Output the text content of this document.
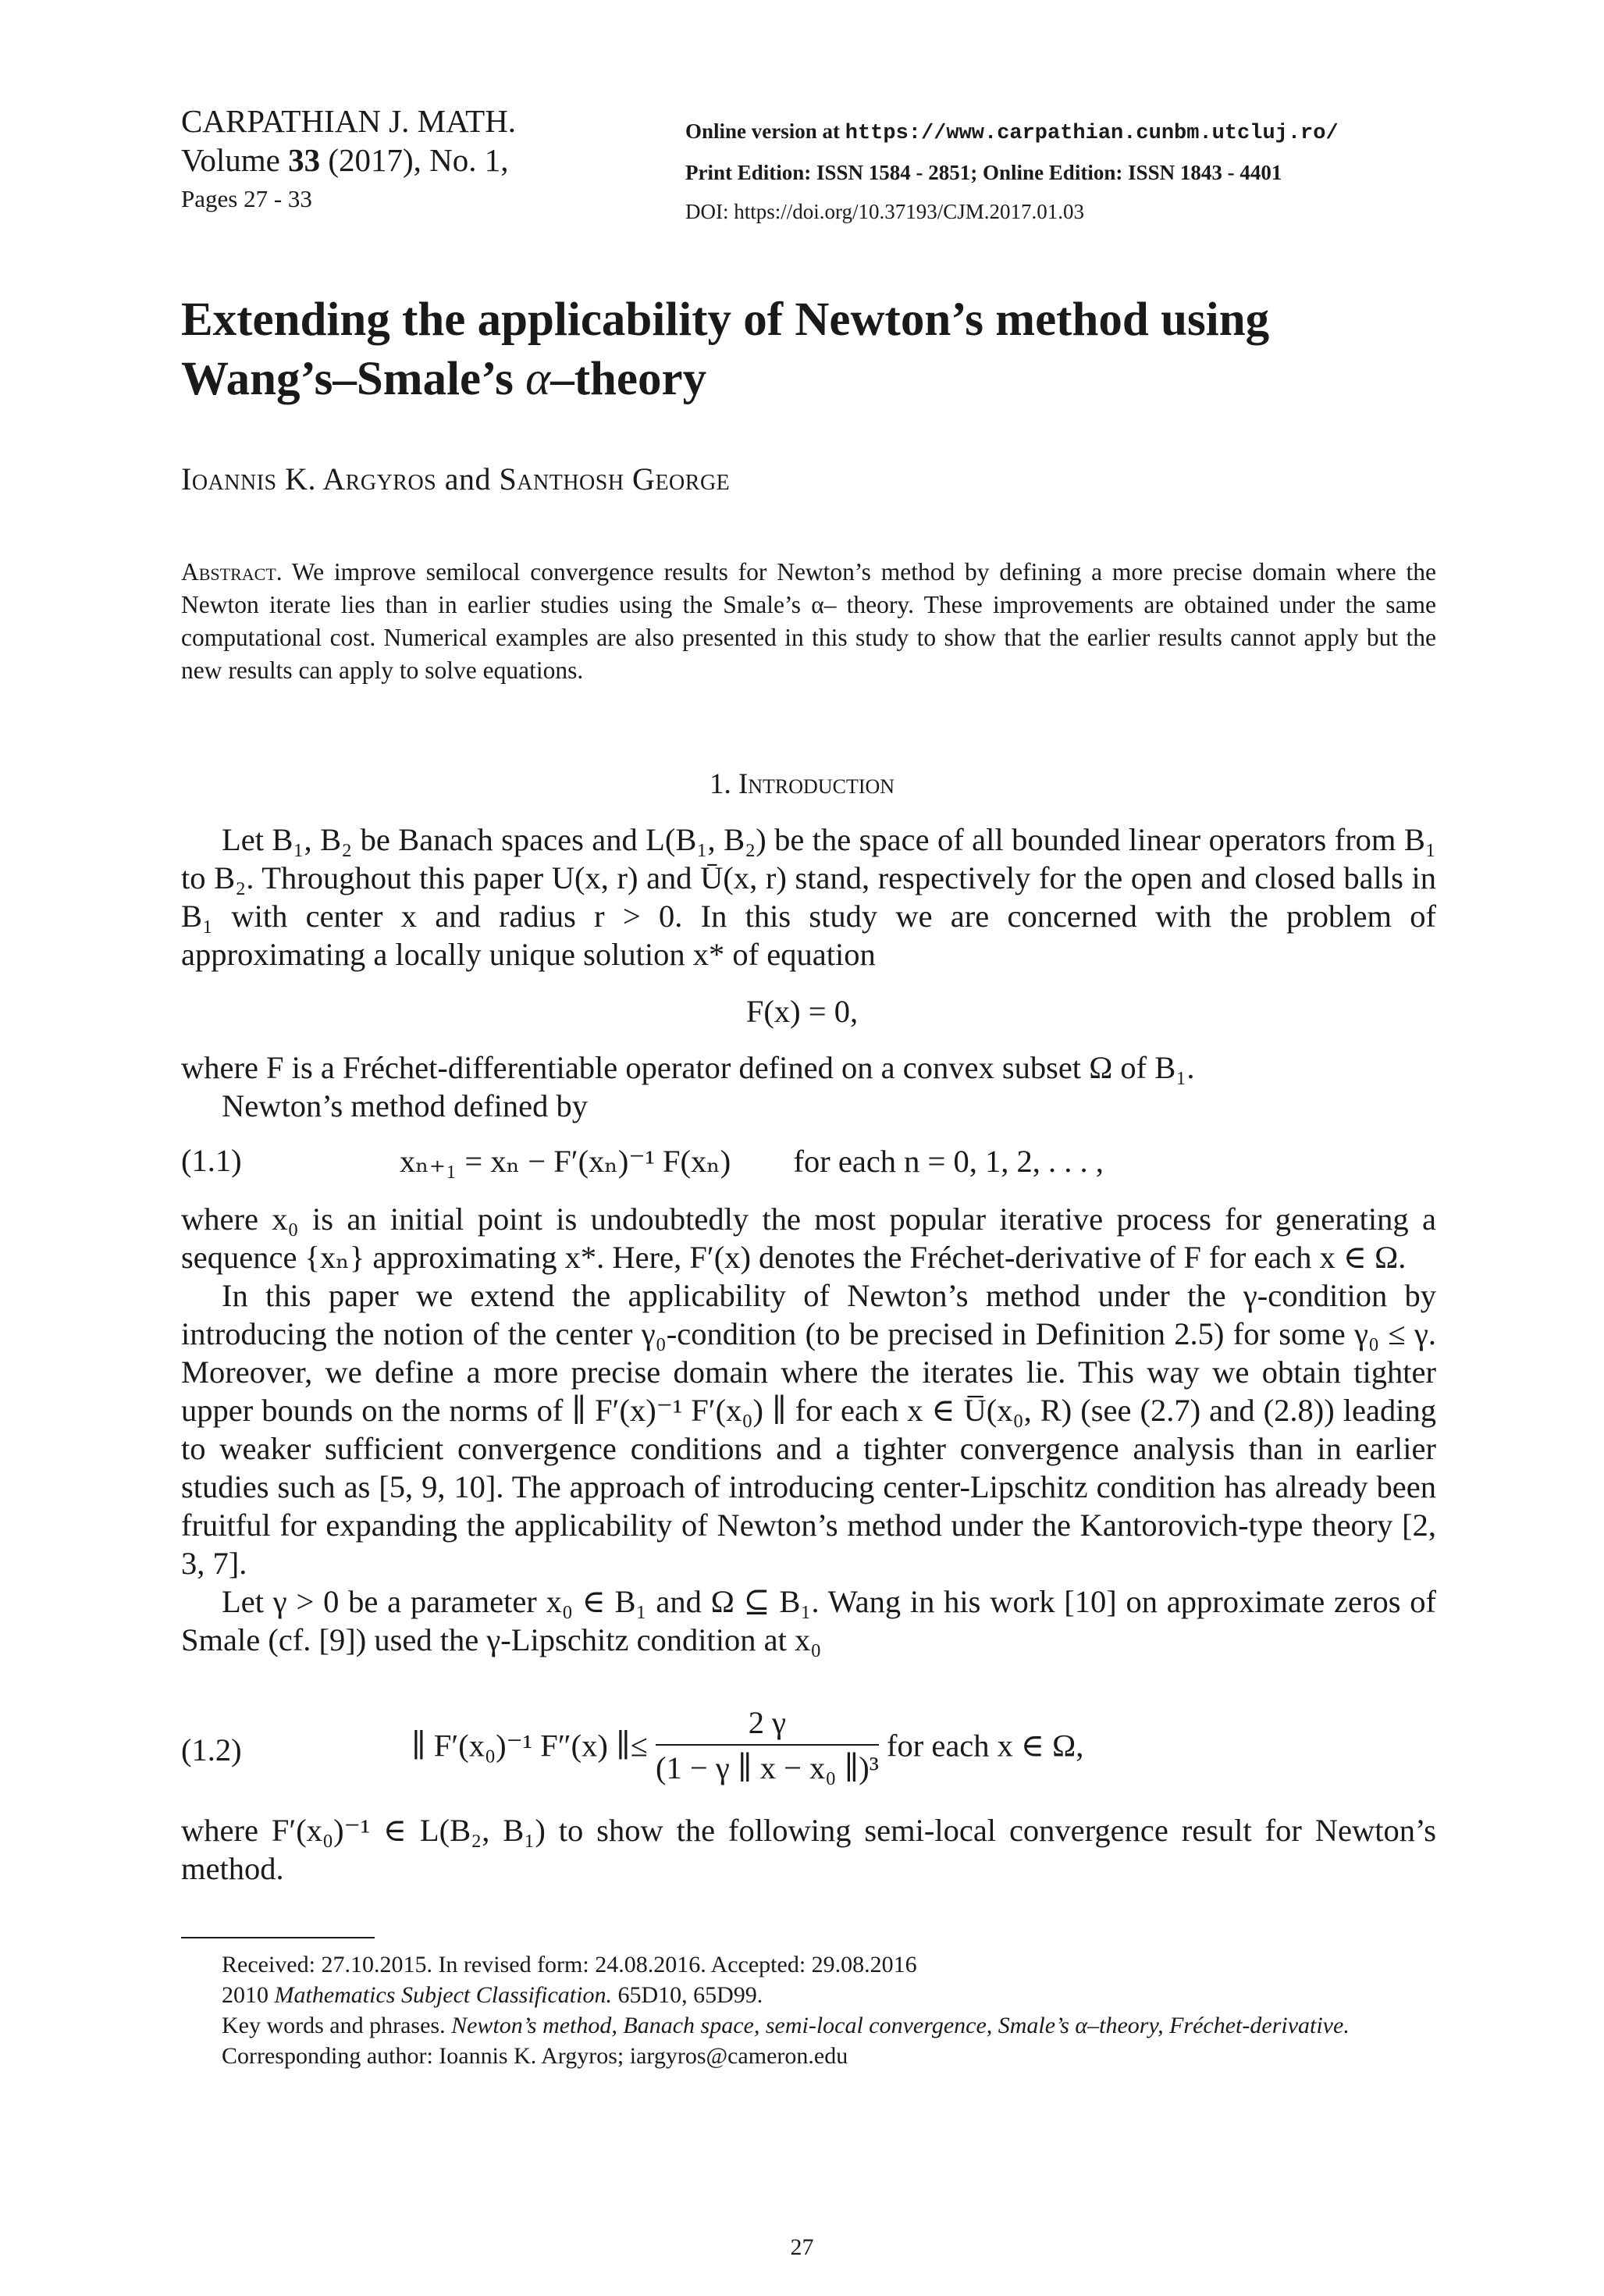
CARPATHIAN J. MATH.
Volume 33 (2017), No. 1,
Pages 27 - 33
Online version at https://www.carpathian.cunbm.utcluj.ro/
Print Edition: ISSN 1584 - 2851; Online Edition: ISSN 1843 - 4401
DOI: https://doi.org/10.37193/CJM.2017.01.03
Extending the applicability of Newton’s method using
Wang’s–Smale’s α–theory
Ioannis K. Argyros and Santhosh George
Abstract. We improve semilocal convergence results for Newton’s method by defining a more precise domain where the Newton iterate lies than in earlier studies using the Smale’s α– theory. These improvements are obtained under the same computational cost. Numerical examples are also presented in this study to show that the earlier results cannot apply but the new results can apply to solve equations.
1. Introduction

Let B₁, B₂ be Banach spaces and L(B₁, B₂) be the space of all bounded linear operators from B₁ to B₂. Throughout this paper U(x, r) and Ū(x, r) stand, respectively for the open and closed balls in B₁ with center x and radius r > 0. In this study we are concerned with the problem of approximating a locally unique solution x* of equation

F(x) = 0,

where F is a Fréchet-differentiable operator defined on a convex subset Ω of B₁.

Newton’s method defined by

(1.1)	xₙ₊₁ = xₙ − F′(xₙ)⁻¹ F(xₙ) for each n = 0, 1, 2, . . . ,

where x₀ is an initial point is undoubtedly the most popular iterative process for generating a sequence {xₙ} approximating x*. Here, F′(x) denotes the Fréchet-derivative of F for each x ∈ Ω.

In this paper we extend the applicability of Newton’s method under the γ-condition by introducing the notion of the center γ₀-condition (to be precised in Definition 2.5) for some γ₀ ≤ γ. Moreover, we define a more precise domain where the iterates lie. This way we obtain tighter upper bounds on the norms of ∥ F′(x)⁻¹ F′(x₀) ∥ for each x ∈ U̅(x₀, R) (see (2.7) and (2.8)) leading to weaker sufficient convergence conditions and a tighter convergence analysis than in earlier studies such as [5, 9, 10]. The approach of introducing center-Lipschitz condition has already been fruitful for expanding the applicability of Newton’s method under the Kantorovich-type theory [2, 3, 7].

Let γ > 0 be a parameter x₀ ∈ B₁ and Ω ⊆ B₁. Wang in his work [10] on approximate zeros of Smale (cf. [9]) used the γ-Lipschitz condition at x₀

(1.2)	∥ F′(x₀)⁻¹ F″(x) ∥≤ $\frac{2 \gamma}{\text{(1 − γ ∥ x − x₀ ∥)³}}$ for each x ∈ Ω,

where F′(x₀)⁻¹ ∈ L(B₂, B₁) to show the following semi-local convergence result for Newton’s method.

Received: 27.10.2015. In revised form: 24.08.2016. Accepted: 29.08.2016

2010 Mathematics Subject Classification. 65D10, 65D99.

Key words and phrases. Newton’s method, Banach space, semi-local convergence, Smale’s α–theory, Fréchet-derivative.

Corresponding author: Ioannis K. Argyros; iargyros@cameron.edu

27
